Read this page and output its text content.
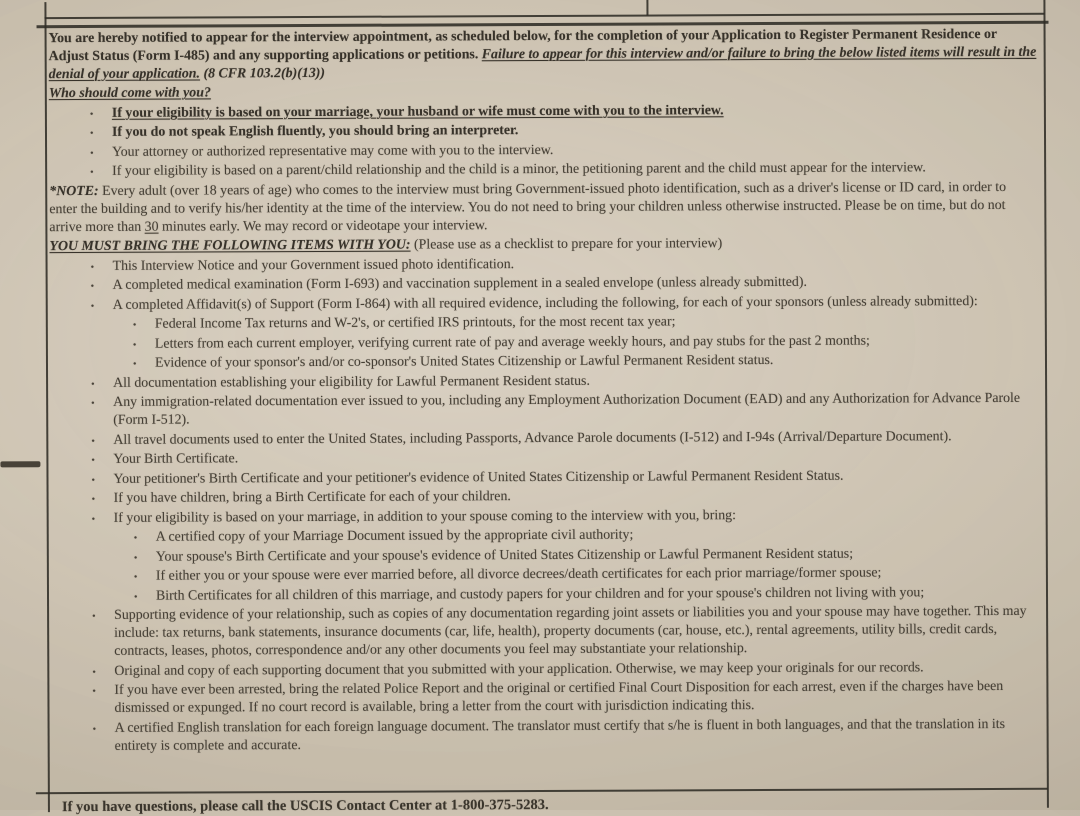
You are hereby notified to appear for the interview appointment, as scheduled below, for the completion of your Application to Register Permanent Residence or Adjust Status (Form I-485) and any supporting applications or petitions. Failure to appear for this interview and/or failure to bring the below listed items will result in the denial of your application. (8 CFR 103.2(b)(13))
Who should come with you?
• If your eligibility is based on your marriage, your husband or wife must come with you to the interview.
• If you do not speak English fluently, you should bring an interpreter.
• Your attorney or authorized representative may come with you to the interview.
• If your eligibility is based on a parent/child relationship and the child is a minor, the petitioning parent and the child must appear for the interview.
*NOTE: Every adult (over 18 years of age) who comes to the interview must bring Government-issued photo identification, such as a driver's license or ID card, in order to enter the building and to verify his/her identity at the time of the interview. You do not need to bring your children unless otherwise instructed. Please be on time, but do not arrive more than 30 minutes early. We may record or videotape your interview.
YOU MUST BRING THE FOLLOWING ITEMS WITH YOU: (Please use as a checklist to prepare for your interview)
• This Interview Notice and your Government issued photo identification.
• A completed medical examination (Form I-693) and vaccination supplement in a sealed envelope (unless already submitted).
• A completed Affidavit(s) of Support (Form I-864) with all required evidence, including the following, for each of your sponsors (unless already submitted):
• Federal Income Tax returns and W-2's, or certified IRS printouts, for the most recent tax year;
• Letters from each current employer, verifying current rate of pay and average weekly hours, and pay stubs for the past 2 months;
• Evidence of your sponsor's and/or co-sponsor's United States Citizenship or Lawful Permanent Resident status.
• All documentation establishing your eligibility for Lawful Permanent Resident status.
• Any immigration-related documentation ever issued to you, including any Employment Authorization Document (EAD) and any Authorization for Advance Parole (Form I-512).
• All travel documents used to enter the United States, including Passports, Advance Parole documents (I-512) and I-94s (Arrival/Departure Document).
• Your Birth Certificate.
• Your petitioner's Birth Certificate and your petitioner's evidence of United States Citizenship or Lawful Permanent Resident Status.
• If you have children, bring a Birth Certificate for each of your children.
• If your eligibility is based on your marriage, in addition to your spouse coming to the interview with you, bring:
• A certified copy of your Marriage Document issued by the appropriate civil authority;
• Your spouse's Birth Certificate and your spouse's evidence of United States Citizenship or Lawful Permanent Resident status;
• If either you or your spouse were ever married before, all divorce decrees/death certificates for each prior marriage/former spouse;
• Birth Certificates for all children of this marriage, and custody papers for your children and for your spouse's children not living with you;
• Supporting evidence of your relationship, such as copies of any documentation regarding joint assets or liabilities you and your spouse may have together. This may include: tax returns, bank statements, insurance documents (car, life, health), property documents (car, house, etc.), rental agreements, utility bills, credit cards, contracts, leases, photos, correspondence and/or any other documents you feel may substantiate your relationship.
• Original and copy of each supporting document that you submitted with your application. Otherwise, we may keep your originals for our records.
• If you have ever been arrested, bring the related Police Report and the original or certified Final Court Disposition for each arrest, even if the charges have been dismissed or expunged. If no court record is available, bring a letter from the court with jurisdiction indicating this.
• A certified English translation for each foreign language document. The translator must certify that s/he is fluent in both languages, and that the translation in its entirety is complete and accurate.
If you have questions, please call the USCIS Contact Center at 1-800-375-5283.
